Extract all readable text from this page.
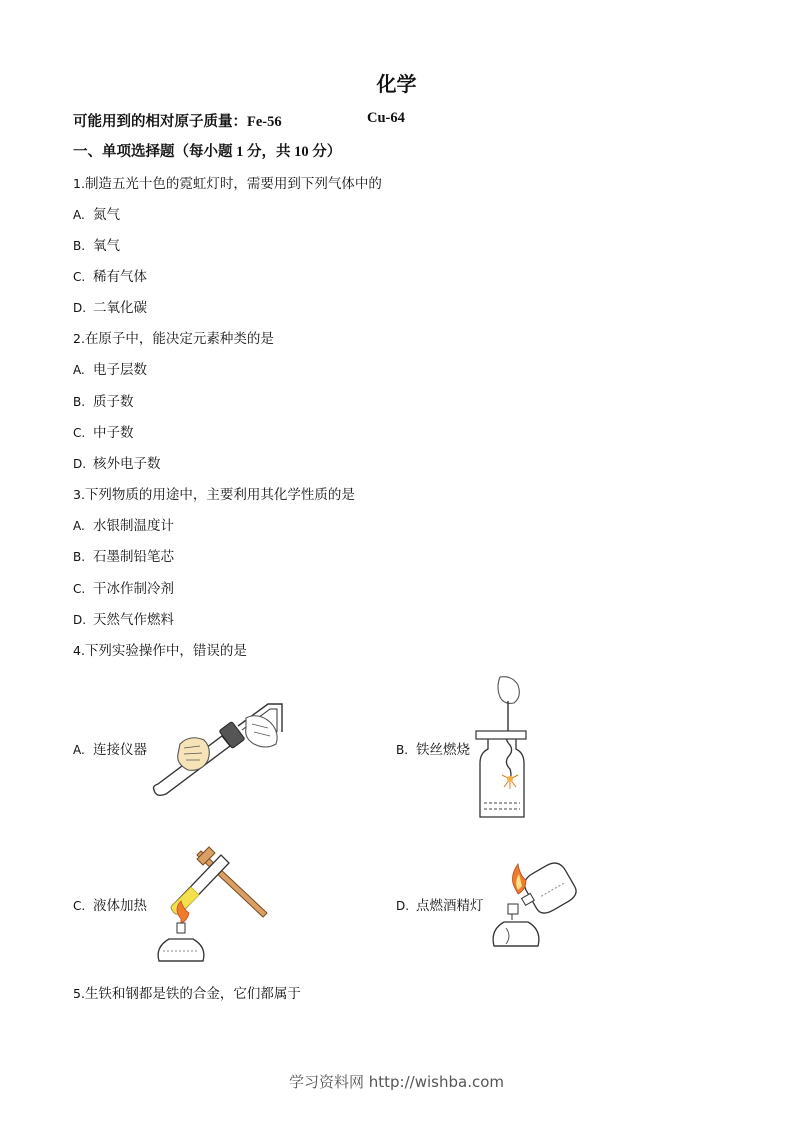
化学
可能用到的相对原子质量：Fe-56	Cu-64
一、单项选择题（每小题 1 分，共 10 分）
1.制造五光十色的霓虹灯时，需要用到下列气体中的
A. 氮气
B. 氧气
C. 稀有气体
D. 二氧化碳
2.在原子中，能决定元素种类的是
A. 电子层数
B. 质子数
C. 中子数
D. 核外电子数
3.下列物质的用途中，主要利用其化学性质的是
A. 水银制温度计
B. 石墨制铅笔芯
C. 干冰作制冷剂
D. 天然气作燃料
4.下列实验操作中，错误的是
A. 连接仪器	B. 铁丝燃烧
C. 液体加热	D. 点燃酒精灯
5.生铁和钢都是铁的合金，它们都属于
学习资料网 http://wishba.com
